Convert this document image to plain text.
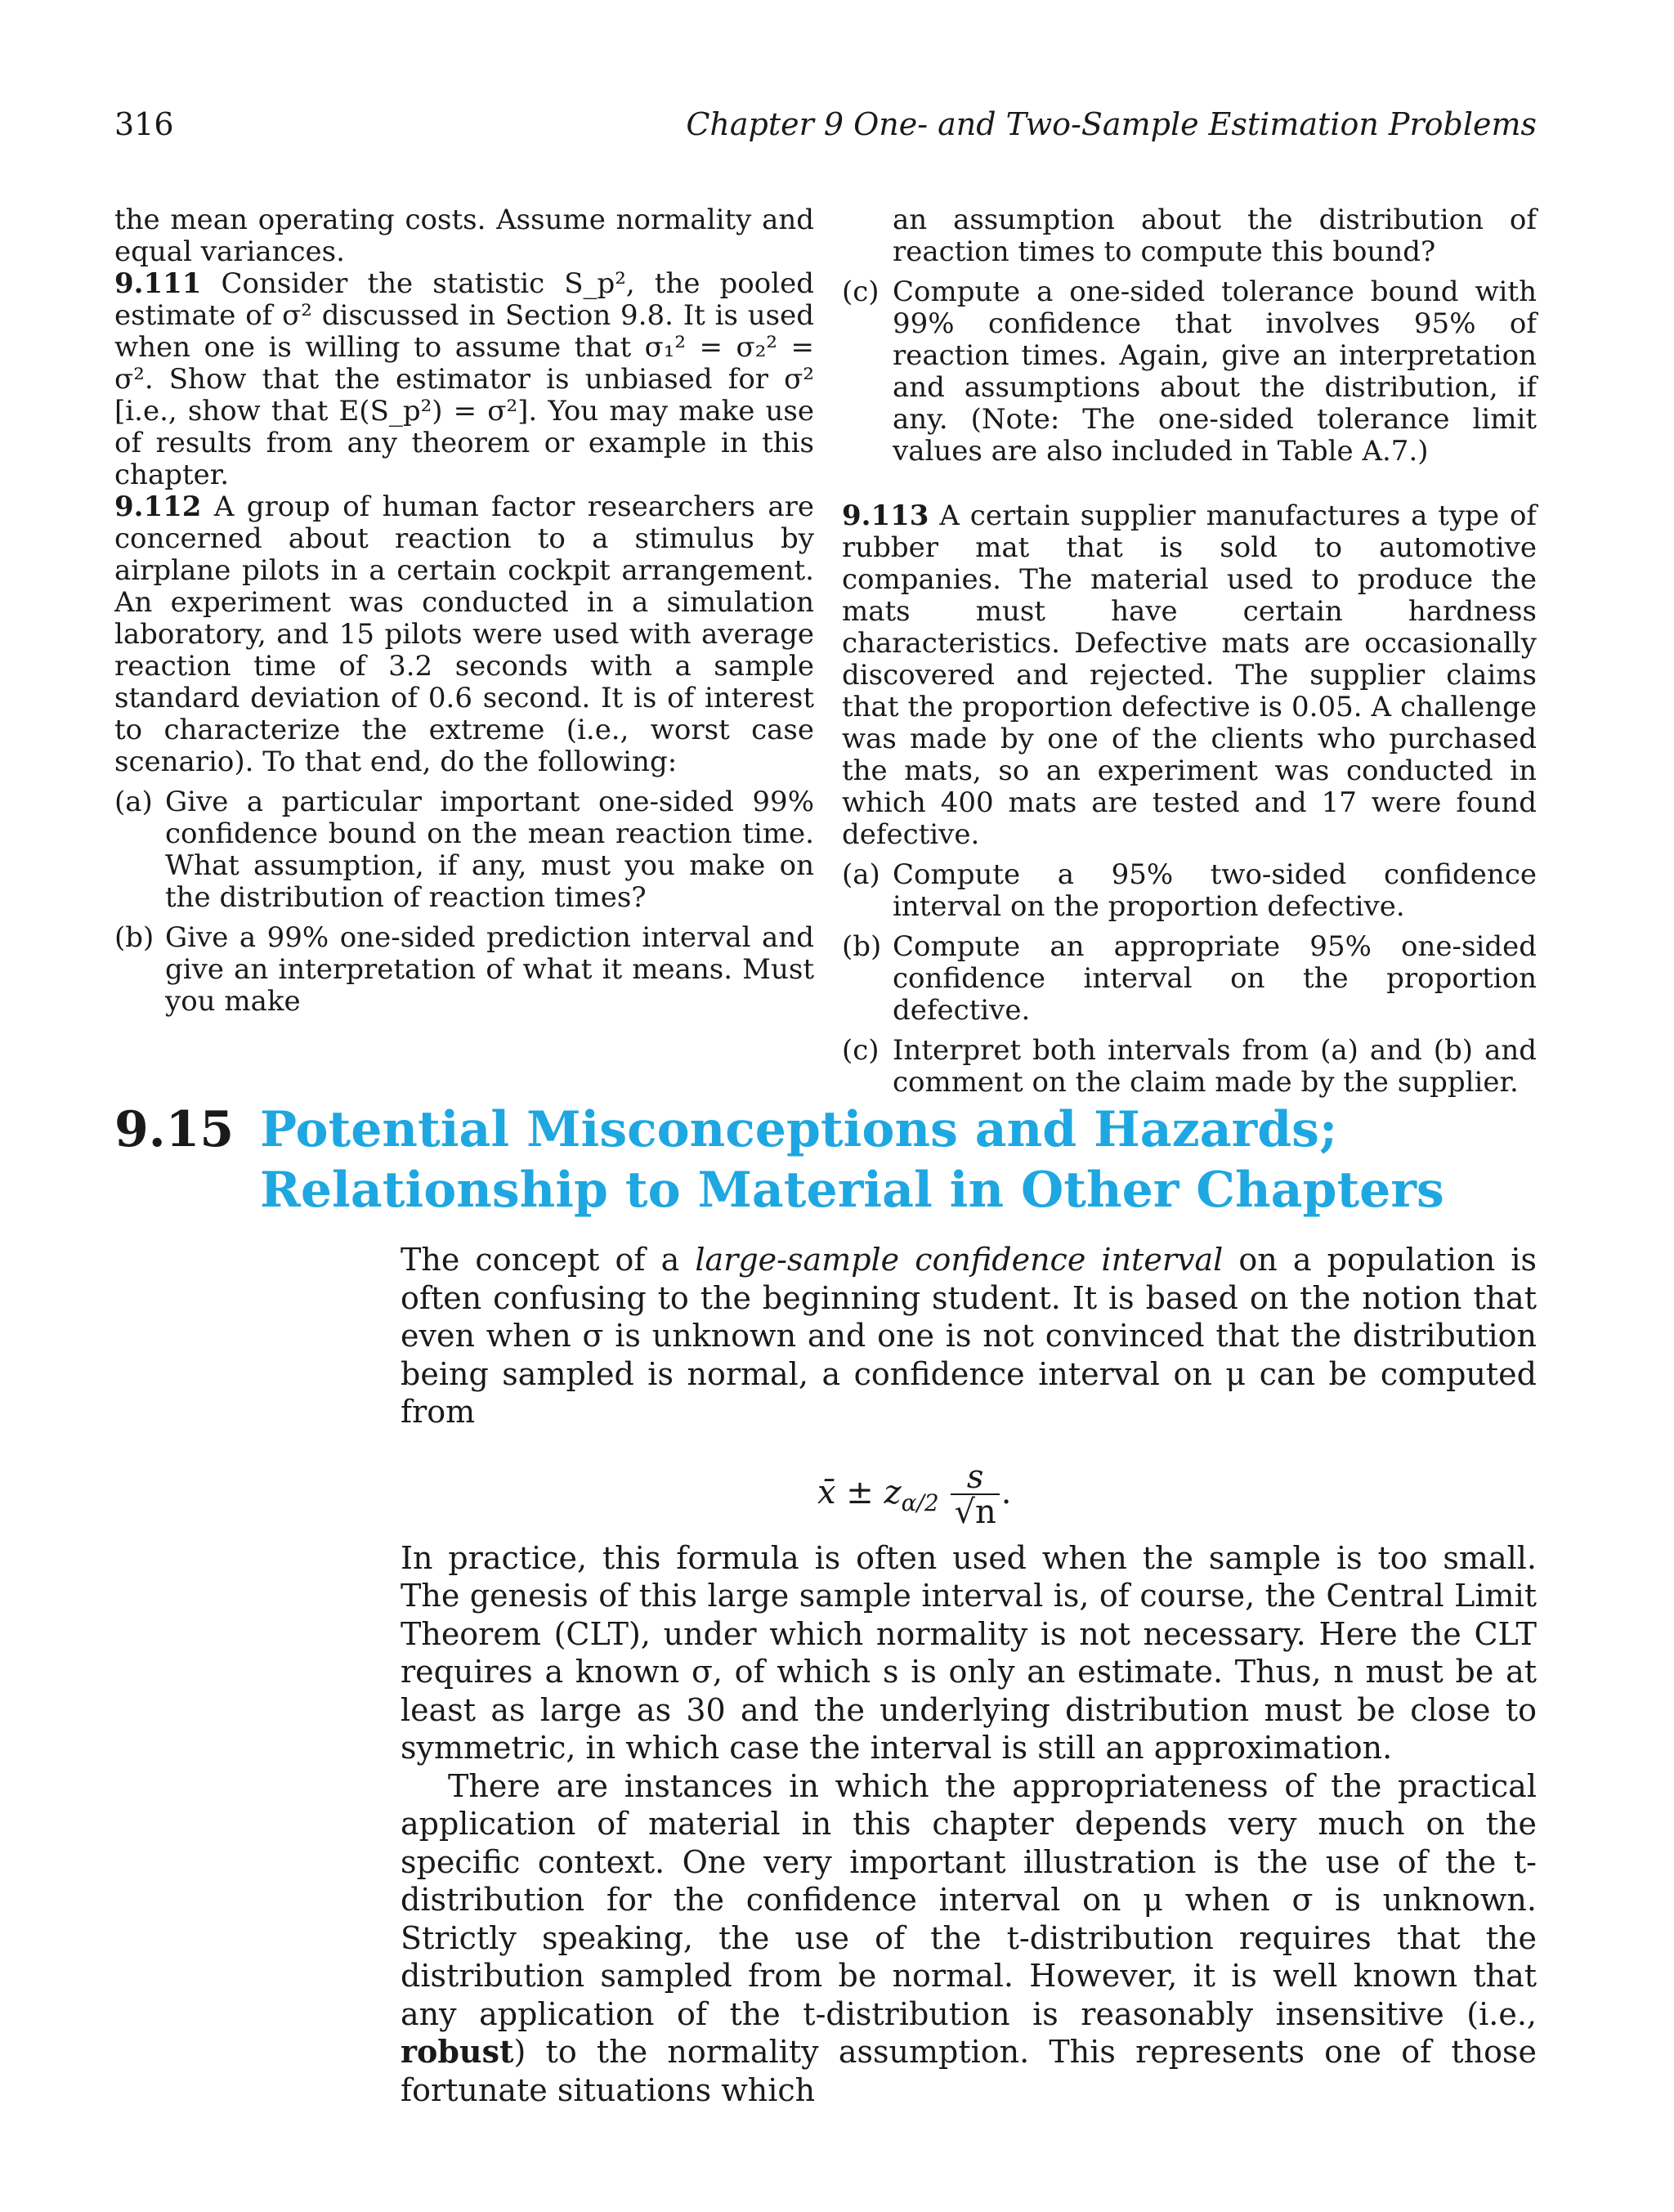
316	Chapter 9 One- and Two-Sample Estimation Problems

the mean operating costs. Assume normality and equal variances.

9.111 Consider the statistic S_p², the pooled estimate of σ² discussed in Section 9.8. It is used when one is willing to assume that σ₁² = σ₂² = σ². Show that the estimator is unbiased for σ² [i.e., show that E(S_p²) = σ²]. You may make use of results from any theorem or example in this chapter.

9.112 A group of human factor researchers are concerned about reaction to a stimulus by airplane pilots in a certain cockpit arrangement. An experiment was conducted in a simulation laboratory, and 15 pilots were used with average reaction time of 3.2 seconds with a sample standard deviation of 0.6 second. It is of interest to characterize the extreme (i.e., worst case scenario). To that end, do the following:

(a) Give a particular important one-sided 99% confidence bound on the mean reaction time. What assumption, if any, must you make on the distribution of reaction times?
(b) Give a 99% one-sided prediction interval and give an interpretation of what it means. Must you make
an assumption about the distribution of reaction times to compute this bound?
(c) Compute a one-sided tolerance bound with 99% confidence that involves 95% of reaction times. Again, give an interpretation and assumptions about the distribution, if any. (Note: The one-sided tolerance limit values are also included in Table A.7.)

9.113 A certain supplier manufactures a type of rubber mat that is sold to automotive companies. The material used to produce the mats must have certain hardness characteristics. Defective mats are occasionally discovered and rejected. The supplier claims that the proportion defective is 0.05. A challenge was made by one of the clients who purchased the mats, so an experiment was conducted in which 400 mats are tested and 17 were found defective.

(a) Compute a 95% two-sided confidence interval on the proportion defective.
(b) Compute an appropriate 95% one-sided confidence interval on the proportion defective.
(c) Interpret both intervals from (a) and (b) and comment on the claim made by the supplier.
9.15 Potential Misconceptions and Hazards;
Relationship to Material in Other Chapters

The concept of a large-sample confidence interval on a population is often confusing to the beginning student. It is based on the notion that even when σ is unknown and one is not convinced that the distribution being sampled is normal, a confidence interval on μ can be computed from

x̄ ± $z_{\alpha/2} \frac{s}{√n}$ .

In practice, this formula is often used when the sample is too small. The genesis of this large sample interval is, of course, the Central Limit Theorem (CLT), under which normality is not necessary. Here the CLT requires a known σ, of which s is only an estimate. Thus, n must be at least as large as 30 and the underlying distribution must be close to symmetric, in which case the interval is still an approximation.

There are instances in which the appropriateness of the practical application of material in this chapter depends very much on the specific context. One very important illustration is the use of the t-distribution for the confidence interval on μ when σ is unknown. Strictly speaking, the use of the t-distribution requires that the distribution sampled from be normal. However, it is well known that any application of the t-distribution is reasonably insensitive (i.e., robust) to the normality assumption. This represents one of those fortunate situations which
